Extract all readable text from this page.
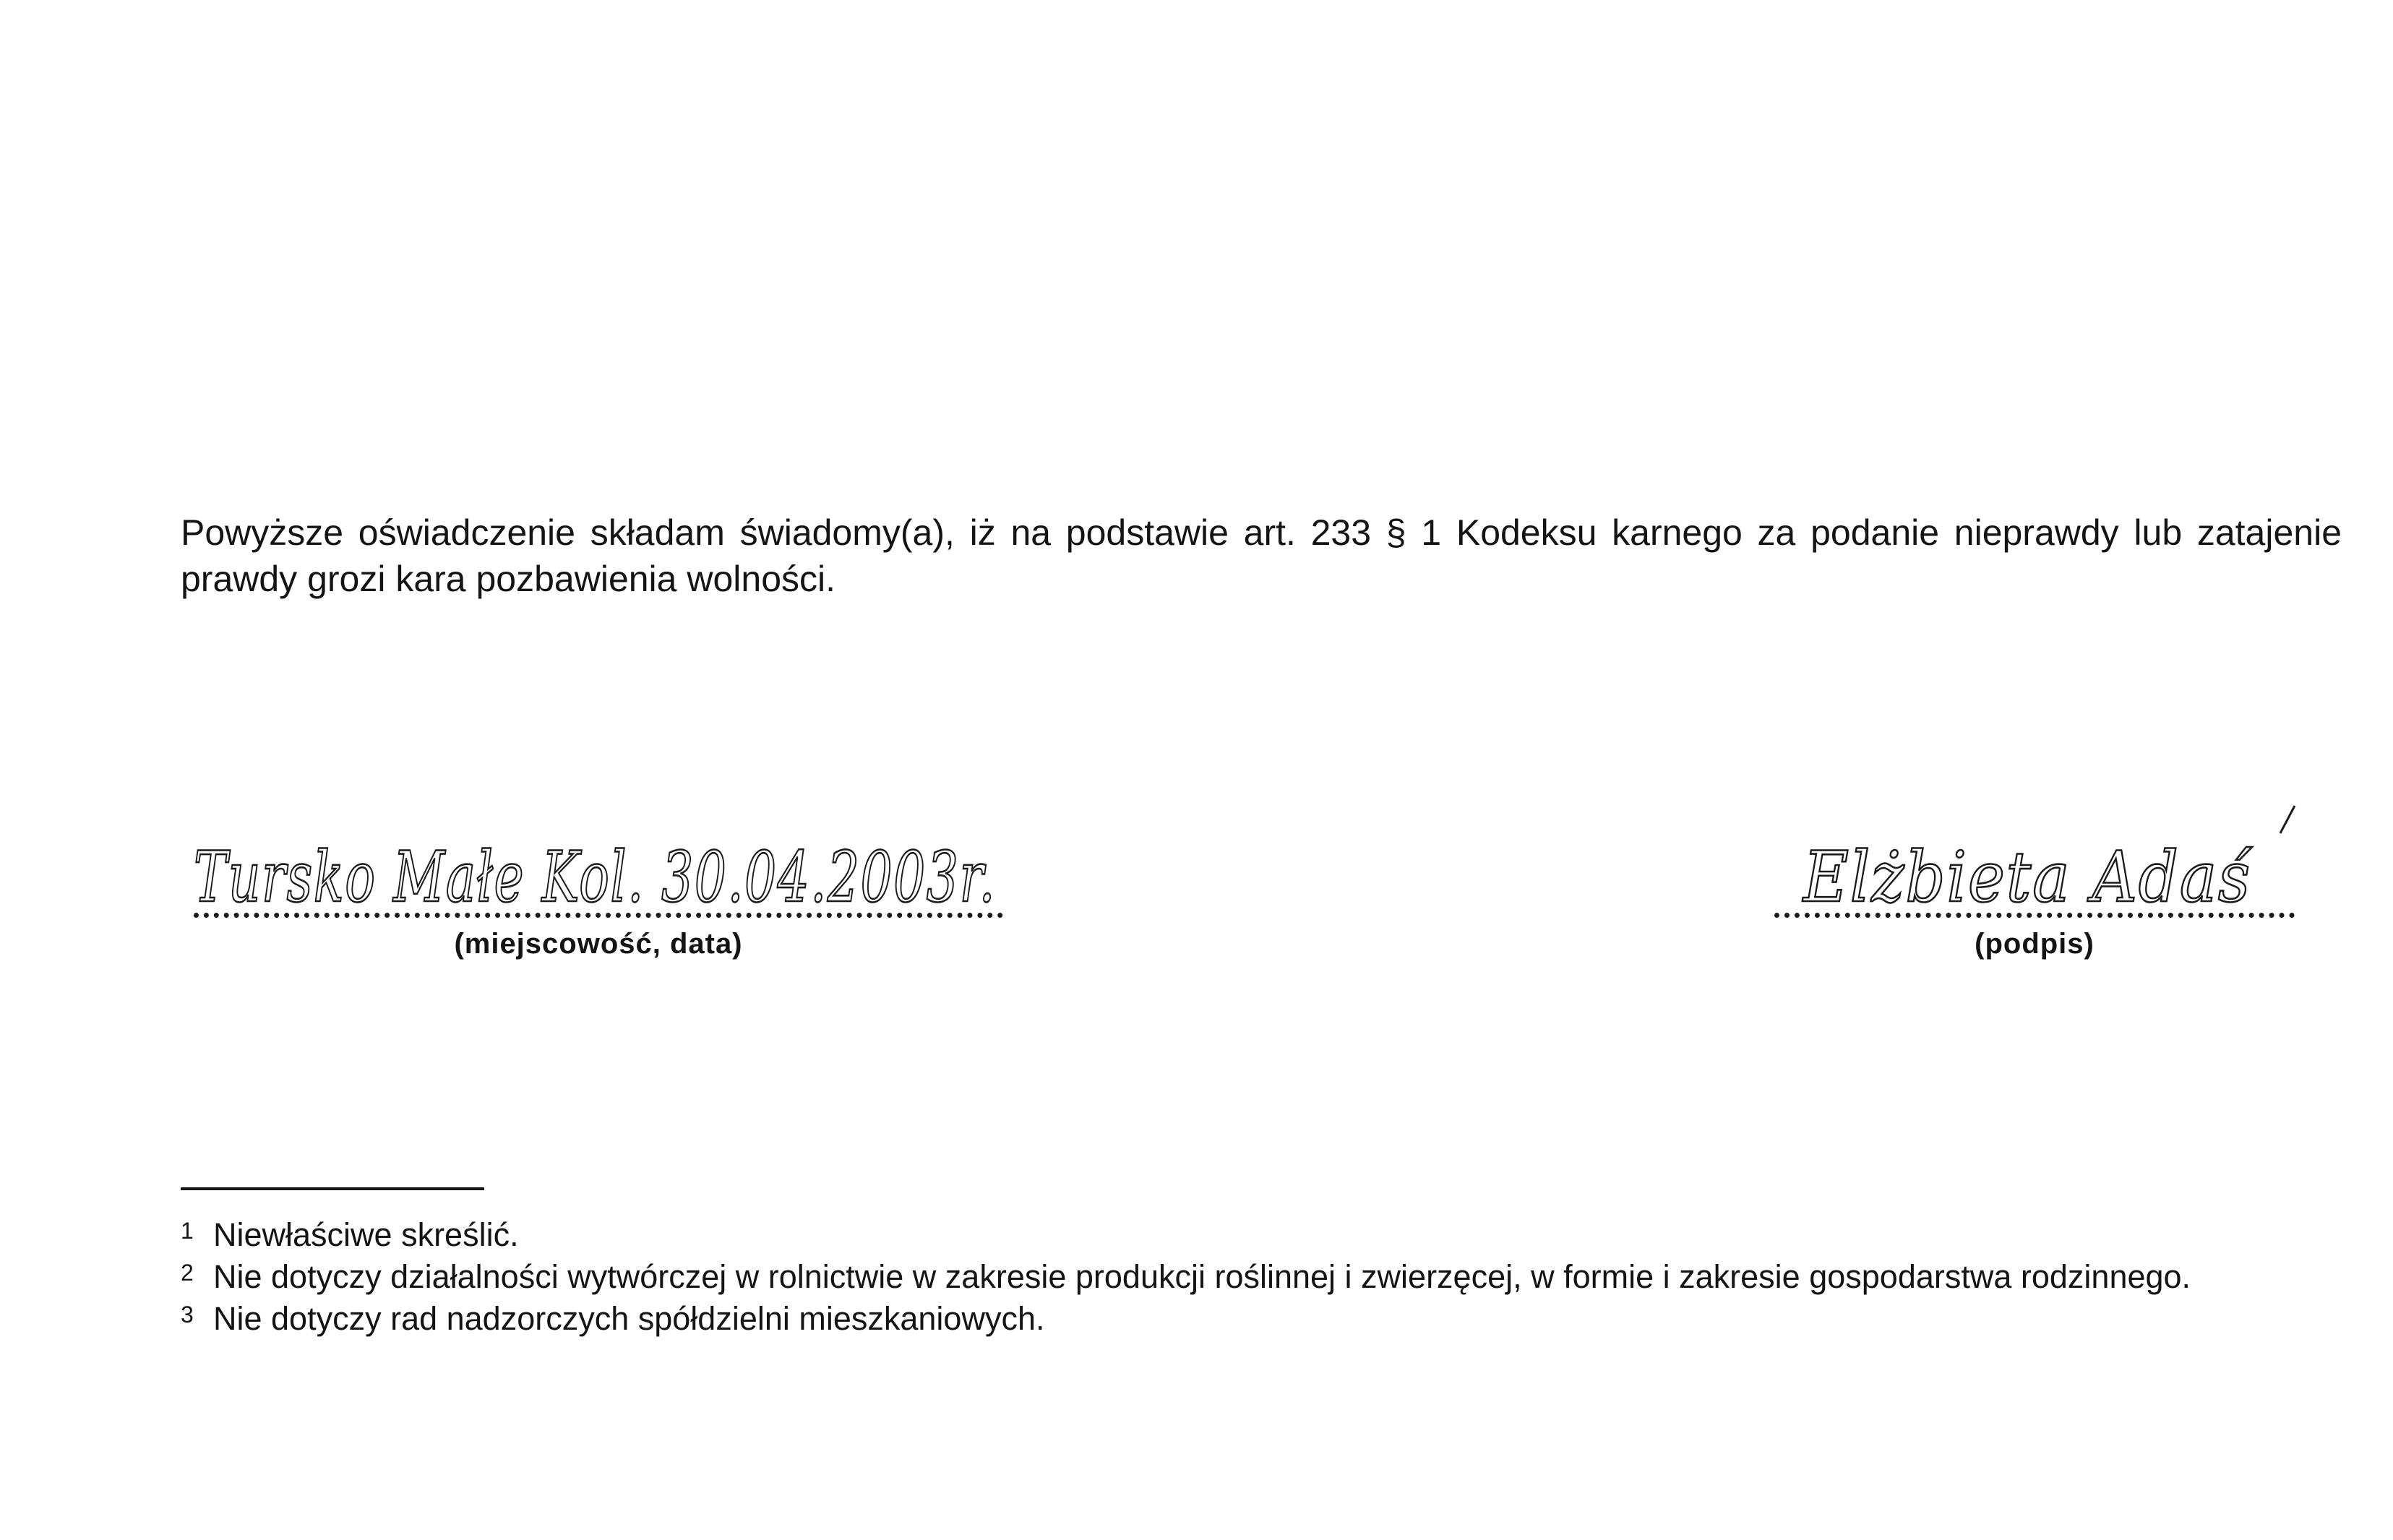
Powyższe oświadczenie składam świadomy(a), iż na podstawie art. 233 § 1 Kodeksu karnego za podanie nieprawdy lub zatajenie prawdy grozi kara pozbawienia wolności.

Tursko Małe Kol. 30.04.2003r.
(miejscowość, data)
Elżbieta Adaś
(podpis)
1 Niewłaściwe skreślić.
2 Nie dotyczy działalności wytwórczej w rolnictwie w zakresie produkcji roślinnej i zwierzęcej, w formie i zakresie gospodarstwa rodzinnego.
3 Nie dotyczy rad nadzorczych spółdzielni mieszkaniowych.
